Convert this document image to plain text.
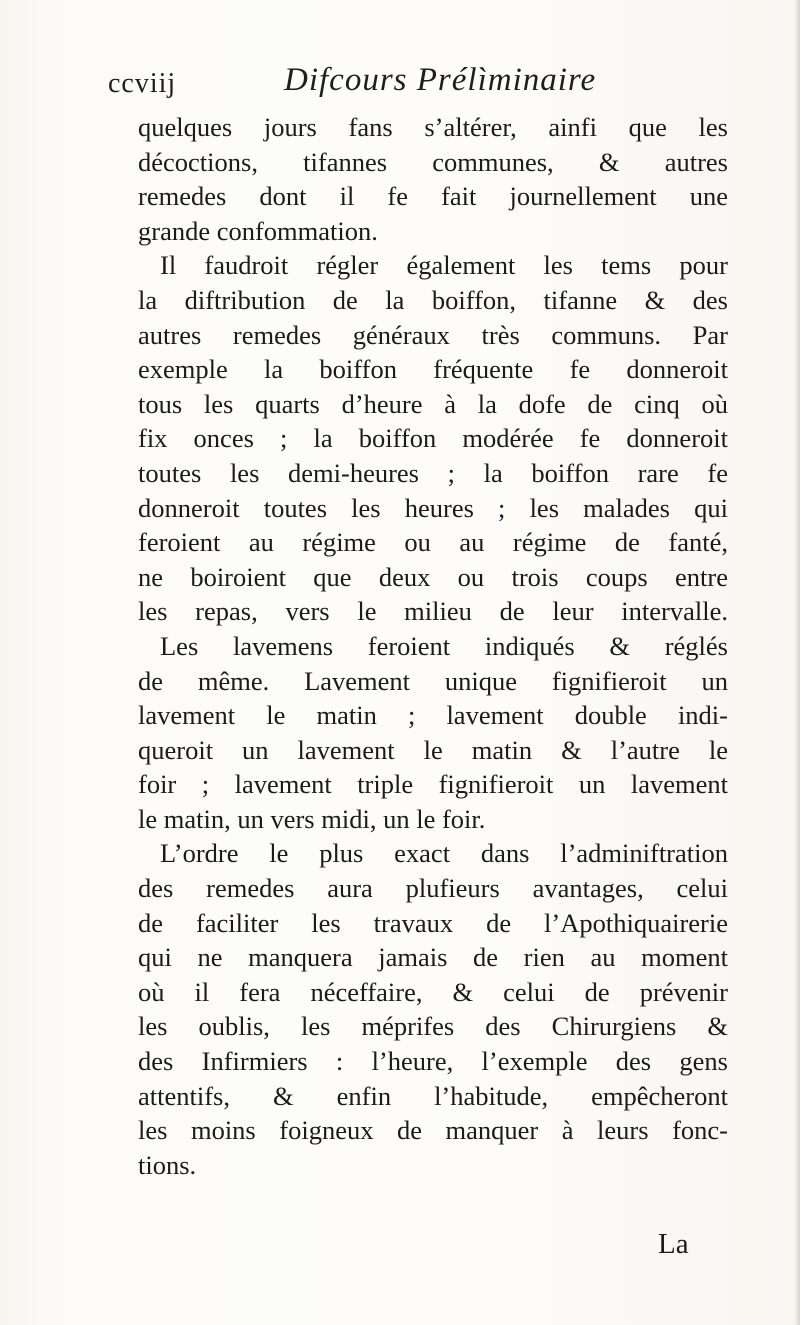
ccviij	Difcours Prélìminaire
quelques jours fans s’altérer, ainfi que les
décoctions, tifannes communes, & autres
remedes dont il fe fait journellement une
grande confommation.
Il faudroit régler également les tems pour
la diftribution de la boiffon, tifanne & des
autres remedes généraux très communs. Par
exemple la boiffon fréquente fe donneroit
tous les quarts d’heure à la dofe de cinq où
fix onces ; la boiffon modérée fe donneroit
toutes les demi-heures ; la boiffon rare fe
donneroit toutes les heures ; les malades qui
feroient au régime ou au régime de fanté,
ne boiroient que deux ou trois coups entre
les repas, vers le milieu de leur intervalle.
Les lavemens feroient indiqués & réglés
de même. Lavement unique fignifieroit un
lavement le matin ; lavement double indi-
queroit un lavement le matin & l’autre le
foir ; lavement triple fignifieroit un lavement
le matin, un vers midi, un le foir.
L’ordre le plus exact dans l’adminiftration
des remedes aura plufieurs avantages, celui
de faciliter les travaux de l’Apothiquairerie
qui ne manquera jamais de rien au moment
où il fera néceffaire, & celui de prévenir
les oublis, les méprifes des Chirurgiens &
des Infirmiers : l’heure, l’exemple des gens
attentifs, & enfin l’habitude, empêcheront
les moins foigneux de manquer à leurs fonc-
tions.
La
